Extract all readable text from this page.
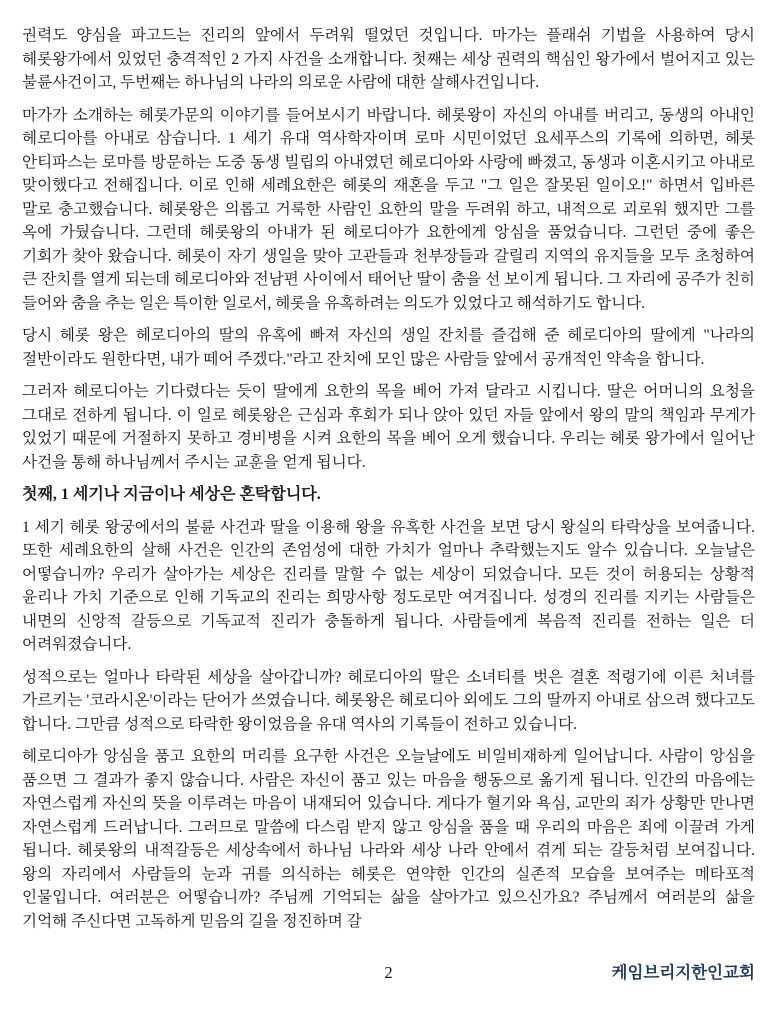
권력도 양심을 파고드는 진리의 앞에서 두려워 떨었던 것입니다. 마가는 플래쉬 기법을 사용하여 당시 헤롯왕가에서 있었던 충격적인 2 가지 사건을 소개합니다. 첫째는 세상 권력의 핵심인 왕가에서 벌어지고 있는 불륜사건이고, 두번째는 하나님의 나라의 의로운 사람에 대한 살해사건입니다.

마가가 소개하는 헤롯가문의 이야기를 들어보시기 바랍니다. 헤롯왕이 자신의 아내를 버리고, 동생의 아내인 헤로디아를 아내로 삼습니다. 1 세기 유대 역사학자이며 로마 시민이었던 요세푸스의 기록에 의하면, 헤롯 안티파스는 로마를 방문하는 도중 동생 빌립의 아내였던 헤로디아와 사랑에 빠졌고, 동생과 이혼시키고 아내로 맞이했다고 전해집니다. 이로 인해 세례요한은 헤롯의 재혼을 두고 "그 일은 잘못된 일이오!" 하면서 입바른 말로 충고했습니다. 헤롯왕은 의롭고 거룩한 사람인 요한의 말을 두려워 하고, 내적으로 괴로워 했지만 그를 옥에 가뒀습니다. 그런데 헤롯왕의 아내가 된 헤로디아가 요한에게 앙심을 품었습니다. 그런던 중에 좋은 기회가 찾아 왔습니다. 헤롯이 자기 생일을 맞아 고관들과 천부장들과 갈릴리 지역의 유지들을 모두 초청하여 큰 잔치를 열게 되는데 헤로디아와 전남편 사이에서 태어난 딸이 춤을 선 보이게 됩니다. 그 자리에 공주가 친히 들어와 춤을 추는 일은 특이한 일로서, 헤롯을 유혹하려는 의도가 있었다고 해석하기도 합니다.

당시 헤롯 왕은 헤로디아의 딸의 유혹에 빠져 자신의 생일 잔치를 즐겁해 준 헤로디아의 딸에게 "나라의 절반이라도 원한다면, 내가 떼어 주겠다."라고 잔치에 모인 많은 사람들 앞에서 공개적인 약속을 합니다.

그러자 헤로디아는 기다렸다는 듯이 딸에게 요한의 목을 베어 가져 달라고 시킵니다. 딸은 어머니의 요청을 그대로 전하게 됩니다. 이 일로 헤롯왕은 근심과 후회가 되나 앉아 있던 자들 앞에서 왕의 말의 책임과 무게가 있었기 때문에 거절하지 못하고 경비병을 시켜 요한의 목을 베어 오게 했습니다. 우리는 헤롯 왕가에서 일어난 사건을 통해 하나님께서 주시는 교훈을 얻게 됩니다.

첫째, 1 세기나 지금이나 세상은 혼탁합니다.

1 세기 헤롯 왕궁에서의 불륜 사건과 딸을 이용해 왕을 유혹한 사건을 보면 당시 왕실의 타락상을 보여줍니다. 또한 세례요한의 살해 사건은 인간의 존엄성에 대한 가치가 얼마나 추락했는지도 알수 있습니다. 오늘날은 어떻습니까? 우리가 살아가는 세상은 진리를 말할 수 없는 세상이 되었습니다. 모든 것이 허용되는 상황적 윤리나 가치 기준으로 인해 기독교의 진리는 희망사항 정도로만 여겨집니다. 성경의 진리를 지키는 사람들은 내면의 신앙적 갈등으로 기독교적 진리가 충돌하게 됩니다. 사람들에게 복음적 진리를 전하는 일은 더 어려워졌습니다.

성적으로는 얼마나 타락된 세상을 살아갑니까? 헤로디아의 딸은 소녀티를 벗은 결혼 적령기에 이른 처녀를 가르키는 '코라시온'이라는 단어가 쓰였습니다. 헤롯왕은 헤로디아 외에도 그의 딸까지 아내로 삼으려 했다고도 합니다. 그만큼 성적으로 타락한 왕이었음을 유대 역사의 기록들이 전하고 있습니다.

헤로디아가 앙심을 품고 요한의 머리를 요구한 사건은 오늘날에도 비일비재하게 일어납니다. 사람이 앙심을 품으면 그 결과가 좋지 않습니다. 사람은 자신이 품고 있는 마음을 행동으로 옮기게 됩니다. 인간의 마음에는 자연스럽게 자신의 뜻을 이루려는 마음이 내재되어 있습니다. 게다가 혈기와 욕심, 교만의 죄가 상황만 만나면 자연스럽게 드러납니다. 그러므로 말씀에 다스림 받지 않고 앙심을 품을 때 우리의 마음은 죄에 이끌려 가게 됩니다. 헤롯왕의 내적갈등은 세상속에서 하나님 나라와 세상 나라 안에서 겪게 되는 갈등처럼 보여집니다. 왕의 자리에서 사람들의 눈과 귀를 의식하는 헤롯은 연약한 인간의 실존적 모습을 보여주는 메타포적 인물입니다. 여러분은 어떻습니까? 주님께 기억되는 삶을 살아가고 있으신가요? 주님께서 여러분의 삶을 기억해 주신다면 고독하게 믿음의 길을 정진하며 갈

2	케임브리지한인교회
